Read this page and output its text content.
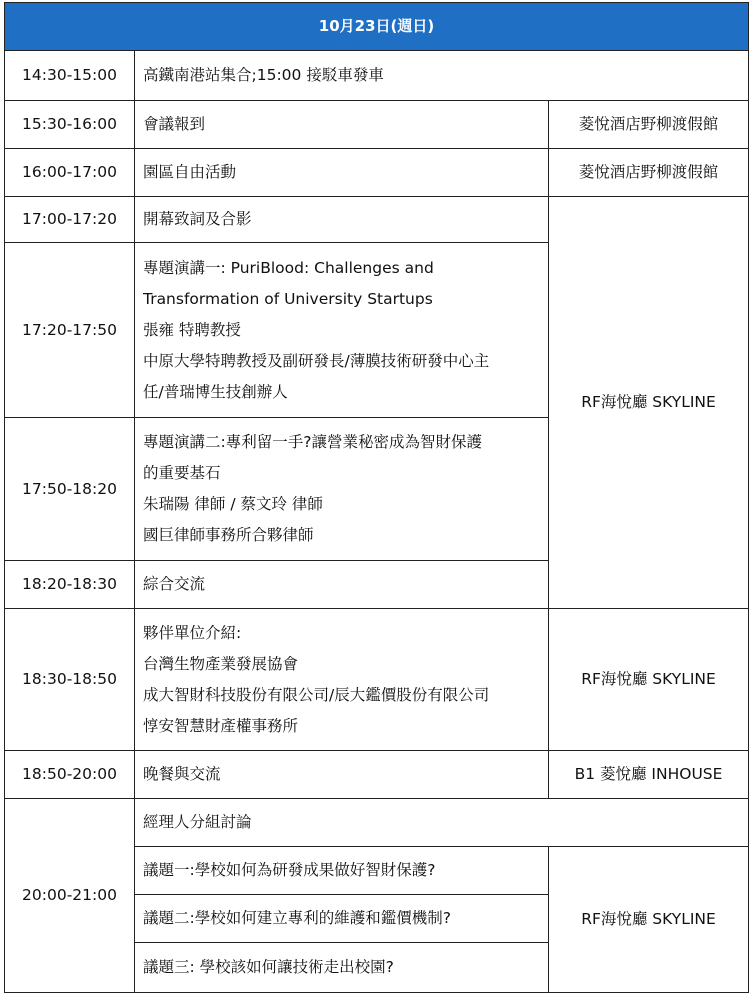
10月23日(週日)		
14:30-15:00	高鐵南港站集合;15:00 接駁車發車	
15:30-16:00	會議報到	菱悅酒店野柳渡假館
16:00-17:00	園區自由活動	菱悅酒店野柳渡假館
17:00-17:20	開幕致詞及合影	RF海悅廳 SKYLINE
17:20-17:50	專題演講一: PuriBlood: Challenges and
Transformation of University Startups
張雍 特聘教授
中原大學特聘教授及副研發長/薄膜技術研發中心主
任/普瑞博生技創辦人	

17:50-18:20	專題演講二:專利留一手?讓營業秘密成為智財保護
的重要基石
朱瑞陽 律師 / 蔡文玲 律師
國巨律師事務所合夥律師	

18:20-18:30	綜合交流	
18:30-18:50	夥伴單位介紹:
台灣生物產業發展協會
成大智財科技股份有限公司/辰大鑑價股份有限公司
惇安智慧財產權事務所	RF海悅廳 SKYLINE
18:50-20:00	晚餐與交流	B1 菱悅廳 INHOUSE
20:00-21:00	經理人分組討論	
	議題一:學校如何為研發成果做好智財保護?	RF海悅廳 SKYLINE
	議題二:學校如何建立專利的維護和鑑價機制?	
	議題三: 學校該如何讓技術走出校園?	
